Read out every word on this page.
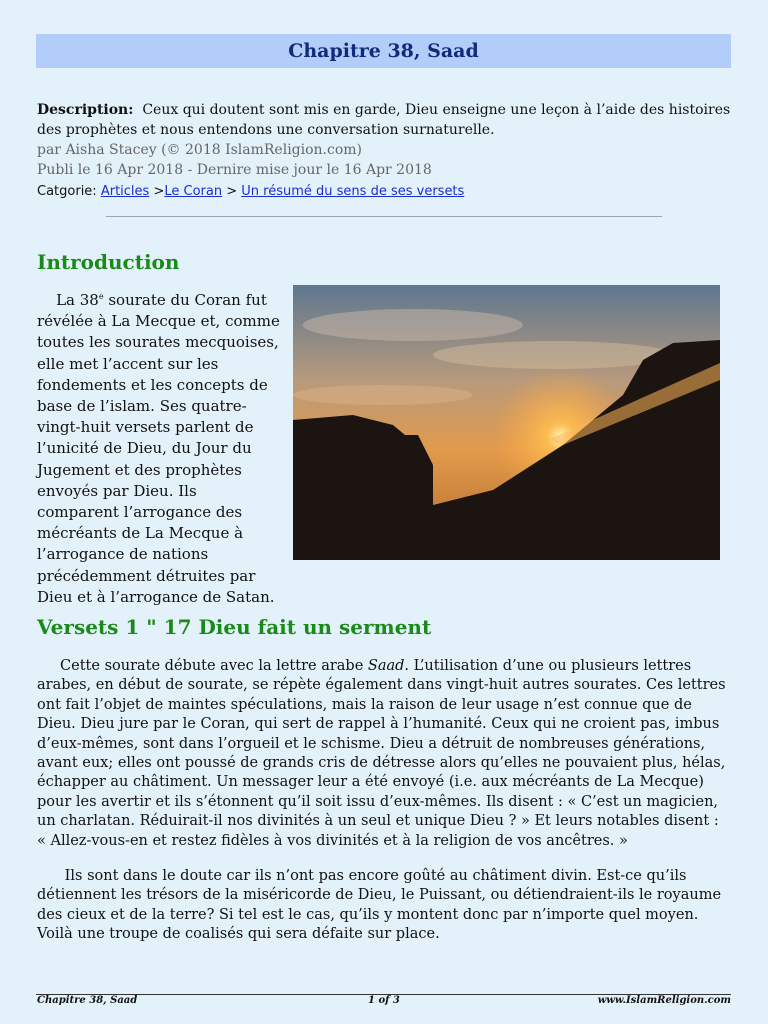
Chapitre 38, Saad
Description: Ceux qui doutent sont mis en garde, Dieu enseigne une leçon à l’aide des histoires des prophètes et nous entendons une conversation surnaturelle.
par Aisha Stacey (© 2018 IslamReligion.com)
Publi le 16 Apr 2018 - Dernire mise jour le 16 Apr 2018
Catgorie: Articles >Le Coran > Un résumé du sens de ses versets
Introduction
La 38e sourate du Coran fut révélée à La Mecque et, comme toutes les sourates mecquoises, elle met l’accent sur les fondements et les concepts de base de l’islam. Ses quatre-vingt-huit versets parlent de l’unicité de Dieu, du Jour du Jugement et des prophètes envoyés par Dieu. Ils comparent l’arrogance des mécréants de La Mecque à l’arrogance de nations précédemment détruites par Dieu et à l’arrogance de Satan.
Versets 1 " 17 Dieu fait un serment
Cette sourate débute avec la lettre arabe Saad. L’utilisation d’une ou plusieurs lettres arabes, en début de sourate, se répète également dans vingt-huit autres sourates. Ces lettres ont fait l’objet de maintes spéculations, mais la raison de leur usage n’est connue que de Dieu. Dieu jure par le Coran, qui sert de rappel à l’humanité. Ceux qui ne croient pas, imbus d’eux-mêmes, sont dans l’orgueil et le schisme. Dieu a détruit de nombreuses générations, avant eux; elles ont poussé de grands cris de détresse alors qu’elles ne pouvaient plus, hélas, échapper au châtiment. Un messager leur a été envoyé (i.e. aux mécréants de La Mecque) pour les avertir et ils s’étonnent qu’il soit issu d’eux-mêmes. Ils disent : « C’est un magicien, un charlatan. Réduirait-il nos divinités à un seul et unique Dieu ? » Et leurs notables disent : « Allez-vous-en et restez fidèles à vos divinités et à la religion de vos ancêtres. »
Ils sont dans le doute car ils n’ont pas encore goûté au châtiment divin. Est-ce qu’ils détiennent les trésors de la miséricorde de Dieu, le Puissant, ou détiendraient-ils le royaume des cieux et de la terre? Si tel est le cas, qu’ils y montent donc par n’importe quel moyen. Voilà une troupe de coalisés qui sera défaite sur place.
Chapitre 38, Saad	1 of 3	www.IslamReligion.com
